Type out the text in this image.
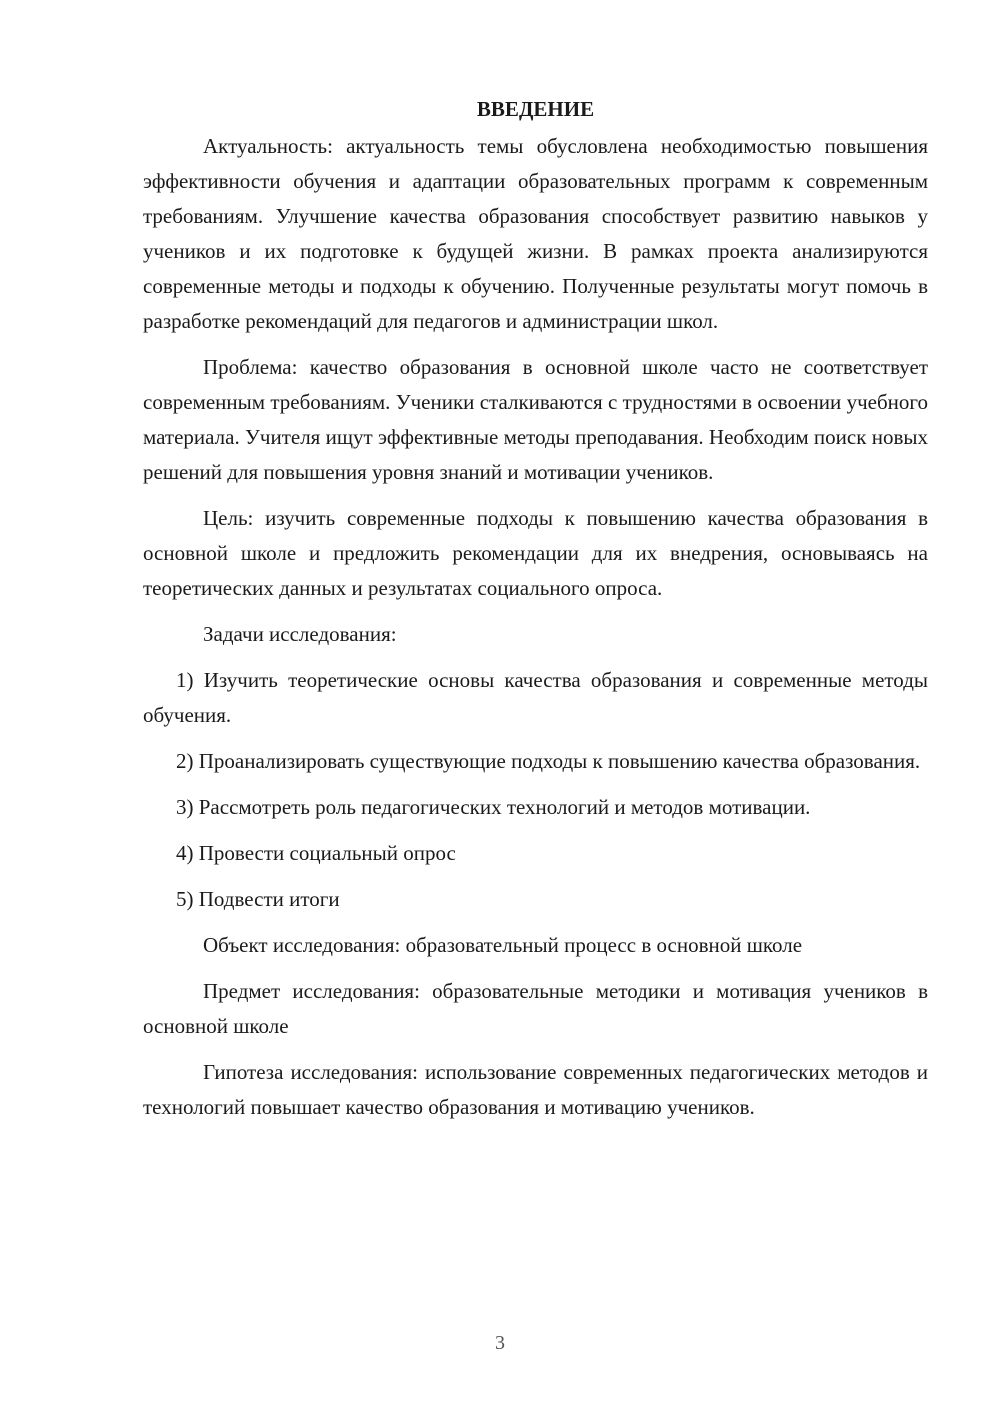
ВВЕДЕНИЕ

Актуальность: актуальность темы обусловлена необходимостью повышения эффективности обучения и адаптации образовательных программ к современным требованиям. Улучшение качества образования способствует развитию навыков у учеников и их подготовке к будущей жизни. В рамках проекта анализируются современные методы и подходы к обучению. Полученные результаты могут помочь в разработке рекомендаций для педагогов и администрации школ.

Проблема: качество образования в основной школе часто не соответствует современным требованиям. Ученики сталкиваются с трудностями в освоении учебного материала. Учителя ищут эффективные методы преподавания. Необходим поиск новых решений для повышения уровня знаний и мотивации учеников.

Цель: изучить современные подходы к повышению качества образования в основной школе и предложить рекомендации для их внедрения, основываясь на теоретических данных и результатах социального опроса.

Задачи исследования:

1) Изучить теоретические основы качества образования и современные методы обучения.

2) Проанализировать существующие подходы к повышению качества образования.

3) Рассмотреть роль педагогических технологий и методов мотивации.

4) Провести социальный опрос

5) Подвести итоги

Объект исследования: образовательный процесс в основной школе

Предмет исследования: образовательные методики и мотивация учеников в основной школе

Гипотеза исследования: использование современных педагогических методов и технологий повышает качество образования и мотивацию учеников.

3
